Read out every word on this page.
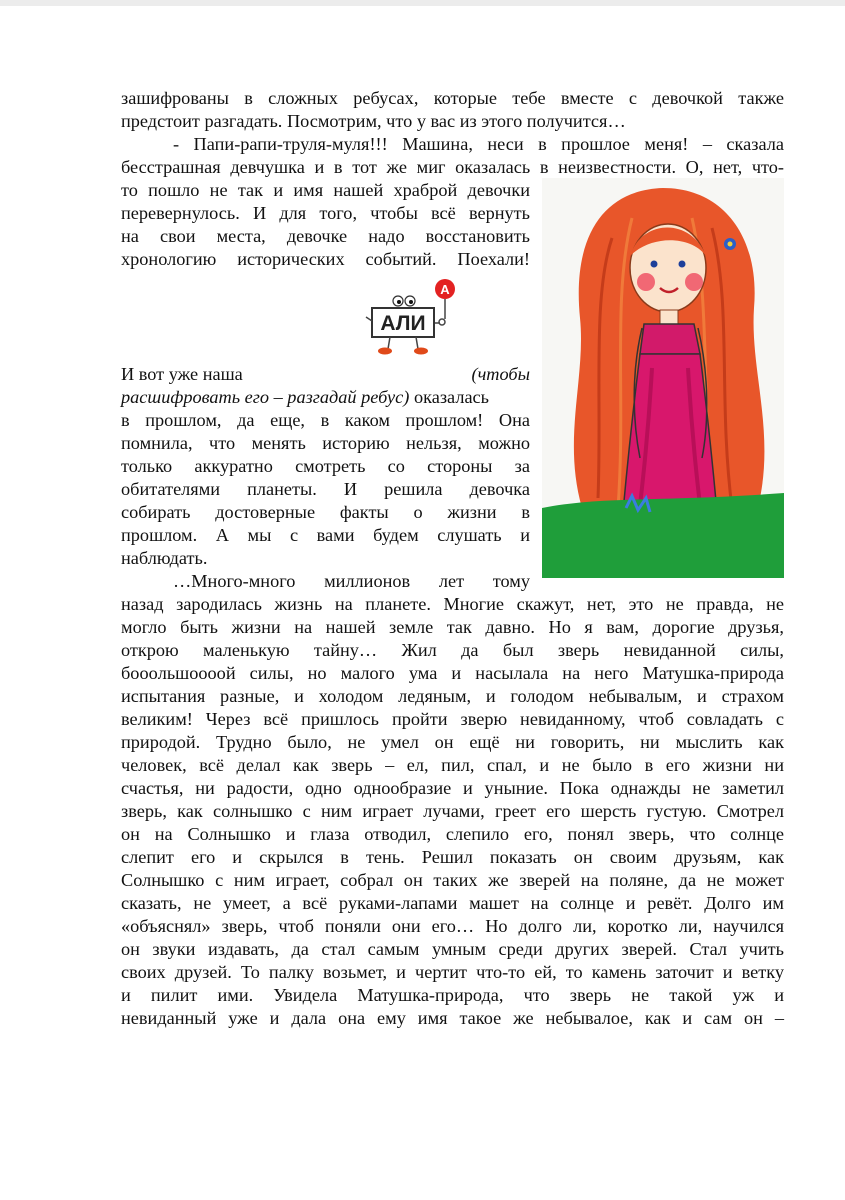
зашифрованы в сложных ребусах, которые тебе вместе с девочкой также
предстоит разгадать. Посмотрим, что у вас из этого получится…
‐ Папи‐рапи‐труля‐муля!!! Машина, неси в прошлое меня! – сказала
бесстрашная девчушка и в тот же миг оказалась в неизвестности. О, нет, что-
то пошло не так и имя нашей храброй девочки
перевернулось. И для того, чтобы всё вернуть
на свои места, девочке надо восстановить
хронологию исторических событий. Поехали!
А
АЛИ
И вот уже наша	(чтобы
расшифровать его – разгадай ребус) оказалась
в прошлом, да еще, в каком прошлом! Она
помнила, что менять историю нельзя, можно
только аккуратно смотреть со стороны за
обитателями планеты. И решила девочка
собирать достоверные факты о жизни в
прошлом. А мы с вами будем слушать и
наблюдать.
…Много-много миллионов лет тому
назад зародилась жизнь на планете. Многие скажут, нет, это не правда, не
могло быть жизни на нашей земле так давно. Но я вам, дорогие друзья,
открою маленькую тайну… Жил да был зверь невиданной силы,
бoooльшоооой силы, но малого ума и насылала на него Матушка-природа
испытания разные, и холодом ледяным, и голодом небывалым, и страхом
великим! Через всё пришлось пройти зверю невиданному, чтоб совладать с
природой. Трудно было, не умел он ещё ни говорить, ни мыслить как
человек, всё делал как зверь – ел, пил, спал, и не было в его жизни ни
счастья, ни радости, одно однообразие и уныние. Пока однажды не заметил
зверь, как солнышко с ним играет лучами, греет его шерсть густую. Смотрел
он на Солнышко и глаза отводил, слепило его, понял зверь, что солнце
слепит его и скрылся в тень. Решил показать он своим друзьям, как
Солнышко с ним играет, собрал он таких же зверей на поляне, да не может
сказать, не умеет, а всё руками-лапами машет на солнце и ревёт. Долго им
«объяснял» зверь, чтоб поняли они его… Но долго ли, коротко ли, научился
он звуки издавать, да стал самым умным среди других зверей. Стал учить
своих друзей. То палку возьмет, и чертит что-то ей, то камень заточит и ветку
и пилит ими. Увидела Матушка-природа, что зверь не такой уж и
невиданный уже и дала она ему имя такое же небывалое, как и сам он –
